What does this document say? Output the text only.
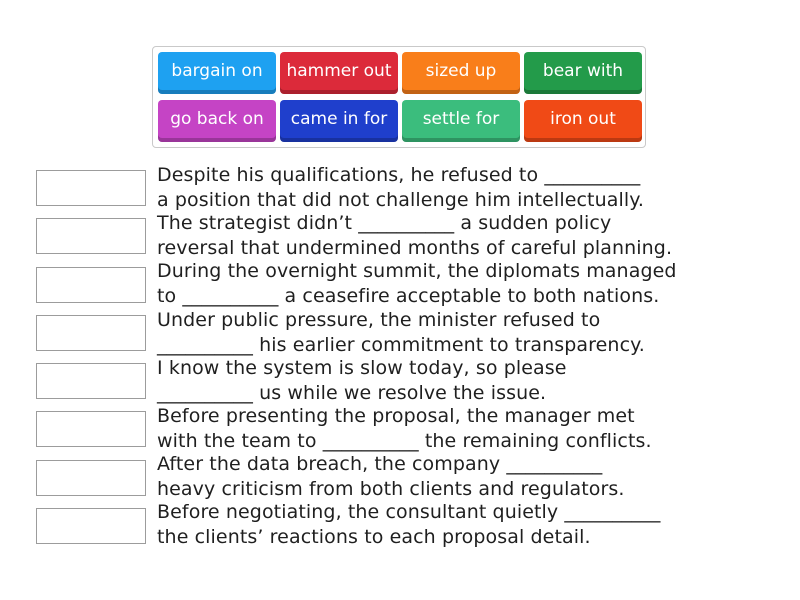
bargain on	hammer out	sized up	bear with
go back on	came in for	settle for	iron out
Despite his qualifications, he refused to __________
a position that did not challenge him intellectually.
The strategist didn’t __________ a sudden policy
reversal that undermined months of careful planning.
During the overnight summit, the diplomats managed
to __________ a ceasefire acceptable to both nations.
Under public pressure, the minister refused to
__________ his earlier commitment to transparency.
I know the system is slow today, so please
__________ us while we resolve the issue.
Before presenting the proposal, the manager met
with the team to __________ the remaining conflicts.
After the data breach, the company __________
heavy criticism from both clients and regulators.
Before negotiating, the consultant quietly __________
the clients’ reactions to each proposal detail.
